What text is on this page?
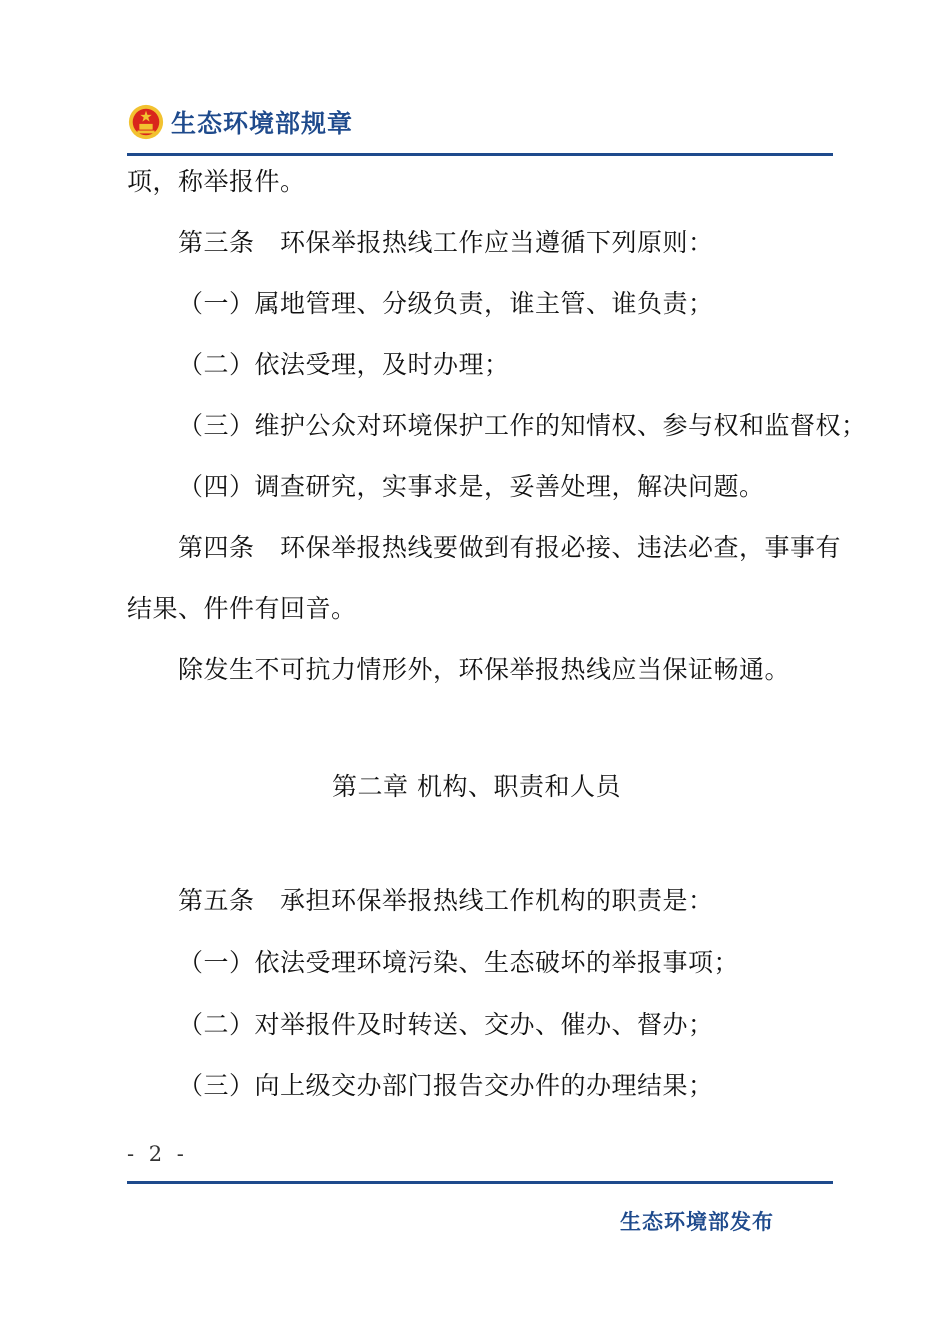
生态环境部规章
项，称举报件。
第三条　环保举报热线工作应当遵循下列原则：
（一）属地管理、分级负责，谁主管、谁负责；
（二）依法受理，及时办理；
（三）维护公众对环境保护工作的知情权、参与权和监督权；
（四）调查研究，实事求是，妥善处理，解决问题。
第四条　环保举报热线要做到有报必接、违法必查，事事有
结果、件件有回音。
除发生不可抗力情形外，环保举报热线应当保证畅通。
第二章 机构、职责和人员
第五条　承担环保举报热线工作机构的职责是：
（一）依法受理环境污染、生态破坏的举报事项；
（二）对举报件及时转送、交办、催办、督办；
（三）向上级交办部门报告交办件的办理结果；
- 2 -
生态环境部发布
